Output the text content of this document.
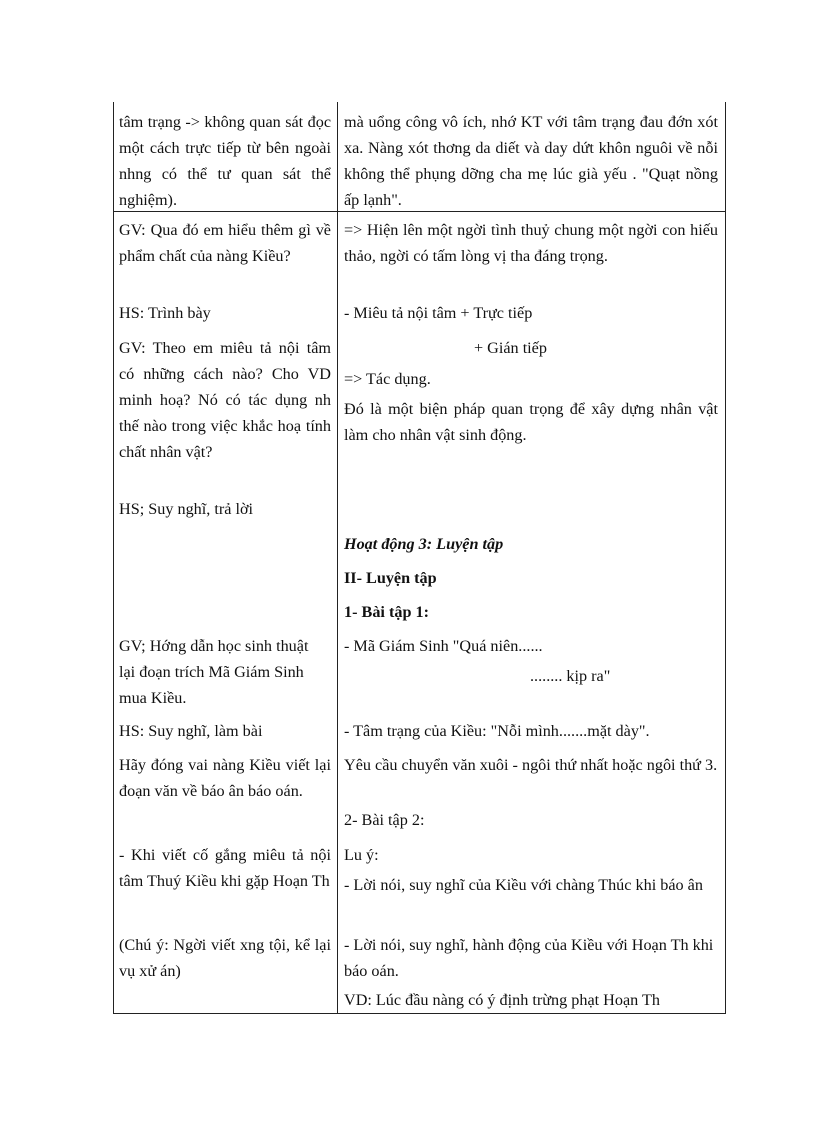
tâm trạng -> không quan sát đọc một cách trực tiếp từ bên ngoài nhng có thể tư quan sát thể nghiệm).

mà uổng công vô ích, nhớ KT với tâm trạng đau đớn xót xa. Nàng xót thơng da diết và day dứt khôn nguôi về nỗi không thể phụng dỡng cha mẹ lúc già yếu . "Quạt nồng ấp lạnh".

GV: Qua đó em hiểu thêm gì về phẩm chất của nàng Kiều?

HS: Trình bày

GV: Theo em miêu tả nội tâm có những cách nào? Cho VD minh hoạ? Nó có tác dụng nh thế nào trong việc khắc hoạ tính chất nhân vật?

HS; Suy nghĩ, trả lời

GV; Hớng dẫn học sinh thuật lại đoạn trích Mã Giám Sinh mua Kiều.

HS: Suy nghĩ, làm bài

Hãy đóng vai nàng Kiều viết lại đoạn văn về báo ân báo oán.

- Khi viết cố gắng miêu tả nội tâm Thuý Kiều khi gặp Hoạn Th

(Chú ý: Ngời viết xng tội, kể lại vụ xử án)

=> Hiện lên một ngời tình thuỷ chung một ngời con hiếu thảo, ngời có tấm lòng vị tha đáng trọng.

- Miêu tả nội tâm + Trực tiếp

+ Gián tiếp

=> Tác dụng.

Đó là một biện pháp quan trọng để xây dựng nhân vật làm cho nhân vật sinh động.

Hoạt động 3: Luyện tập

II- Luyện tập

1- Bài tập 1:

- Mã Giám Sinh "Quá niên......

........ kịp ra"

- Tâm trạng của Kiều: "Nỗi mình.......mặt dày".

Yêu cầu chuyển văn xuôi - ngôi thứ nhất hoặc ngôi thứ 3.

2- Bài tập 2:

Lu ý:

- Lời nói, suy nghĩ của Kiều với chàng Thúc khi báo ân

- Lời nói, suy nghĩ, hành động của Kiều với Hoạn Th khi báo oán.

VD: Lúc đầu nàng có ý định trừng phạt Hoạn Th
